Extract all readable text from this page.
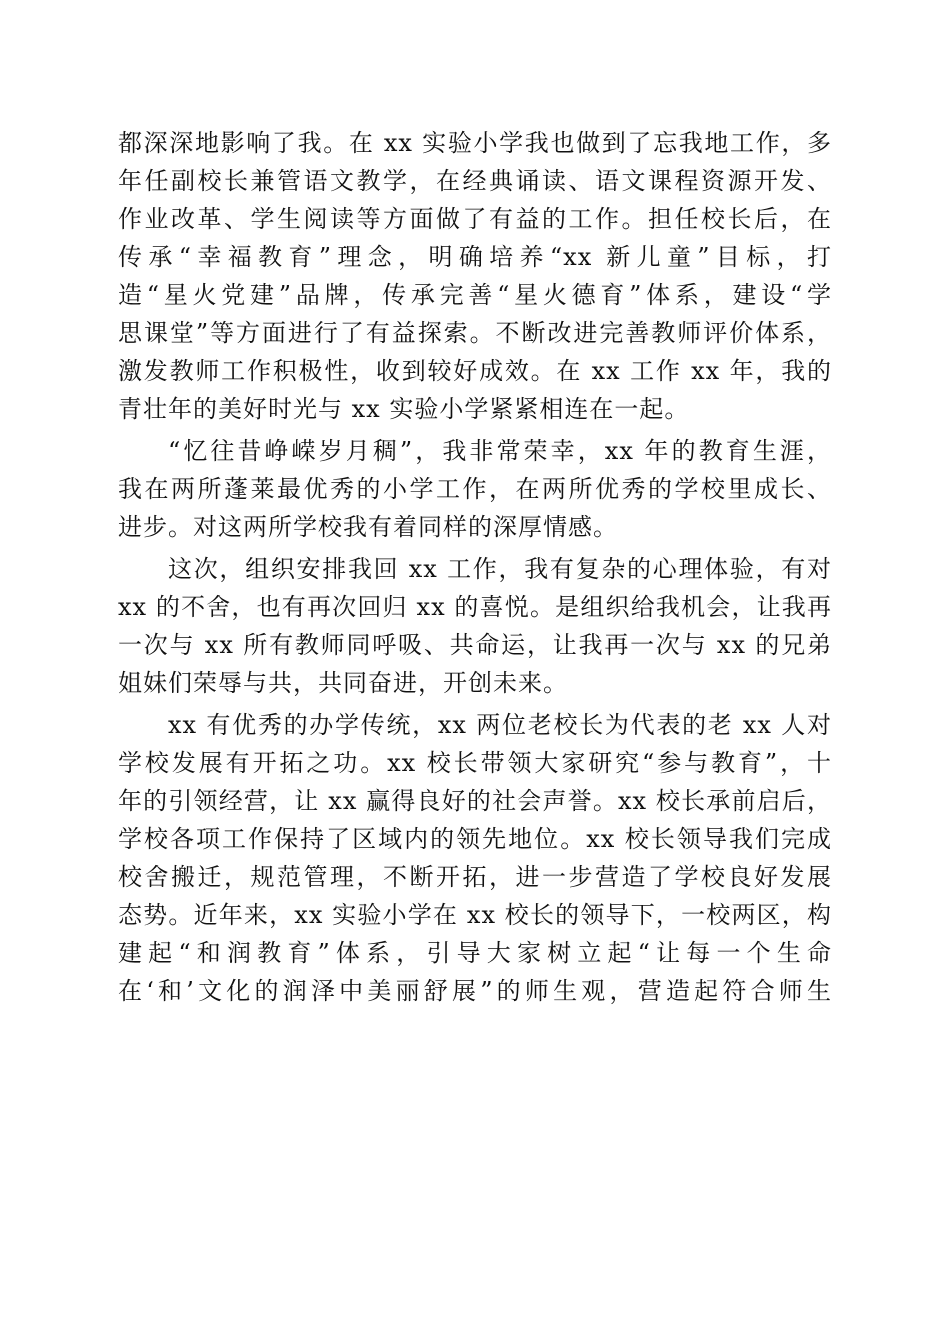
都深深地影响了我。在 xx 实验小学我也做到了忘我地工作，多
年任副校长兼管语文教学，在经典诵读、语文课程资源开发、
作业改革、学生阅读等方面做了有益的工作。担任校长后，在
传承“幸福教育”理念，明确培养“xx 新儿童”目标，打
造“星火党建”品牌，传承完善“星火德育”体系，建设“学
思课堂”等方面进行了有益探索。不断改进完善教师评价体系，
激发教师工作积极性，收到较好成效。在 xx 工作 xx 年，我的
青壮年的美好时光与 xx 实验小学紧紧相连在一起。
“忆往昔峥嵘岁月稠”，我非常荣幸，xx 年的教育生涯，
我在两所蓬莱最优秀的小学工作，在两所优秀的学校里成长、
进步。对这两所学校我有着同样的深厚情感。
这次，组织安排我回 xx 工作，我有复杂的心理体验，有对
xx 的不舍，也有再次回归 xx 的喜悦。是组织给我机会，让我再
一次与 xx 所有教师同呼吸、共命运，让我再一次与 xx 的兄弟
姐妹们荣辱与共，共同奋进，开创未来。
xx 有优秀的办学传统，xx 两位老校长为代表的老 xx 人对
学校发展有开拓之功。xx 校长带领大家研究“参与教育”，十
年的引领经营，让 xx 赢得良好的社会声誉。xx 校长承前启后，
学校各项工作保持了区域内的领先地位。xx 校长领导我们完成
校舍搬迁，规范管理，不断开拓，进一步营造了学校良好发展
态势。近年来，xx 实验小学在 xx 校长的领导下，一校两区，构
建起“和润教育”体系，引导大家树立起“让每一个生命
在‘和’文化的润泽中美丽舒展”的师生观，营造起符合师生
